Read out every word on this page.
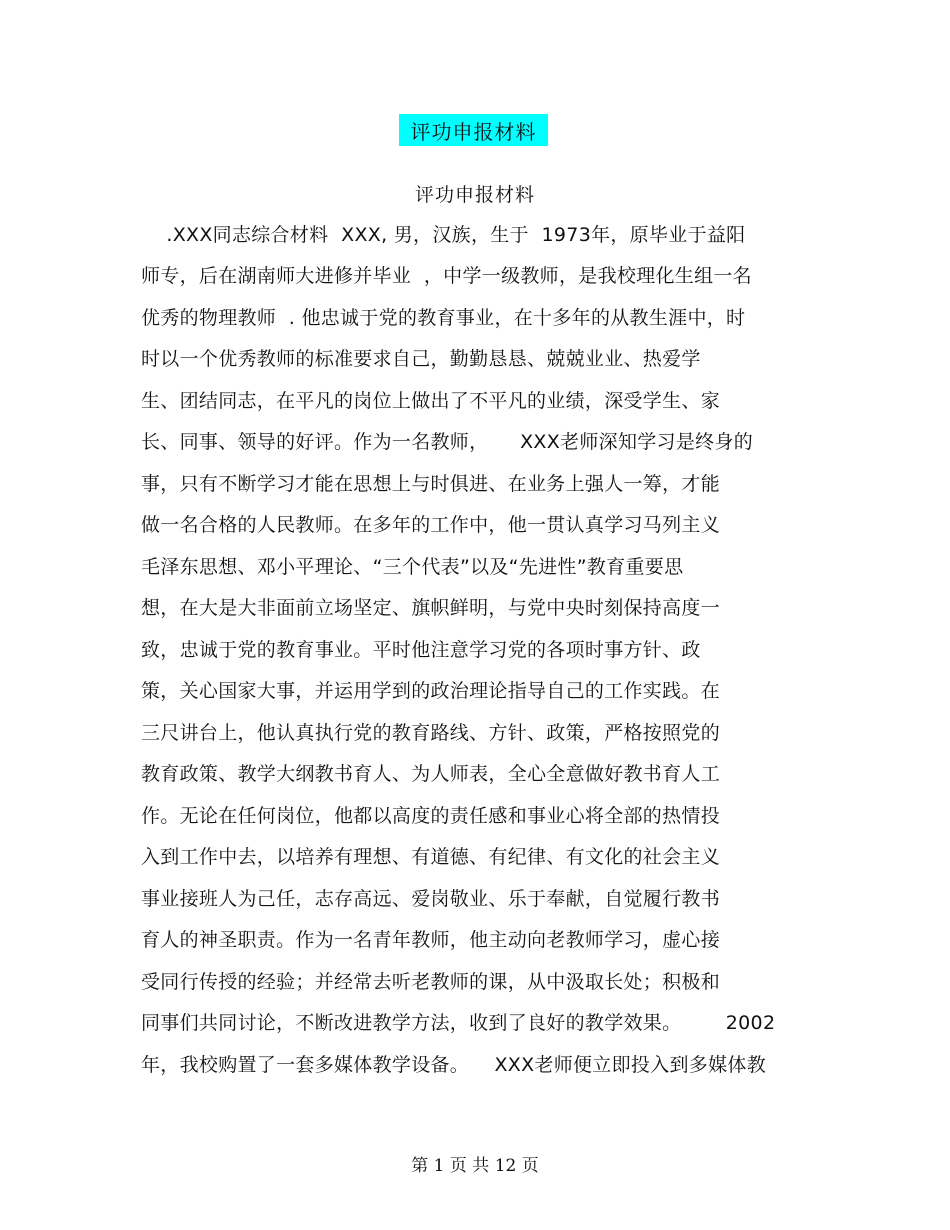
评功申报材料
评功申报材料
.XXX同志综合材料  XXX, 男，汉族，生于  1973年，原毕业于益阳
师专，后在湖南师大进修并毕业  ，中学一级教师，是我校理化生组一名
优秀的物理教师  . 他忠诚于党的教育事业，在十多年的从教生涯中，时
时以一个优秀教师的标准要求自己，勤勤恳恳、兢兢业业、热爱学
生、团结同志，在平凡的岗位上做出了不平凡的业绩，深受学生、家
长、同事、领导的好评。作为一名教师，     XXX老师深知学习是终身的
事，只有不断学习才能在思想上与时俱进、在业务上强人一筹，才能
做一名合格的人民教师。在多年的工作中，他一贯认真学习马列主义
毛泽东思想、邓小平理论、“三个代表”以及“先进性”教育重要思
想，在大是大非面前立场坚定、旗帜鲜明，与党中央时刻保持高度一
致，忠诚于党的教育事业。平时他注意学习党的各项时事方针、政
策，关心国家大事，并运用学到的政治理论指导自己的工作实践。在
三尺讲台上，他认真执行党的教育路线、方针、政策，严格按照党的
教育政策、教学大纲教书育人、为人师表，全心全意做好教书育人工
作。无论在任何岗位，他都以高度的责任感和事业心将全部的热情投
入到工作中去，以培养有理想、有道德、有纪律、有文化的社会主义
事业接班人为己任，志存高远、爱岗敬业、乐于奉献，自觉履行教书
育人的神圣职责。作为一名青年教师，他主动向老教师学习，虚心接
受同行传授的经验；并经常去听老教师的课，从中汲取长处；积极和
同事们共同讨论，不断改进教学方法，收到了良好的教学效果。       2002
年，我校购置了一套多媒体教学设备。    XXX老师便立即投入到多媒体教
第 1 页 共 12 页
